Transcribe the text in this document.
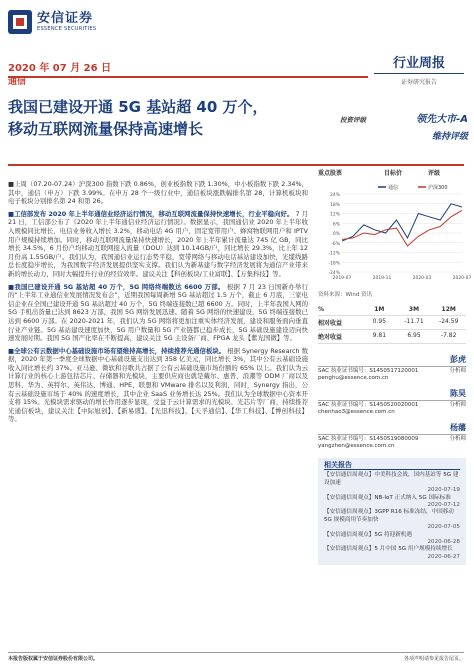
安信证券
ESSENCE SECURITIES
2020 年 07 月 26 日
通信
行业周报
证券研究报告
我国已建设开通 5G 基站超 40 万个，
移动互联网流量保持高速增长	投资评级	领先大市-A
维持评级
重点股票	目标价	评级
■上周（07.20-07.24）沪深300 指数下跌 0.86%，创业板指数下跌 1.30%，中小板指数下跌 2.34%，其中，通信（申万）下跌 3.99%。在申万 28 个一级行业中，通信板块涨跌幅排名第 28，计算机板块和电子板块分别排名第 24 和第 26。
■工信部发布 2020 年上半年通信业经济运行情况，移动互联网流量保持快速增长，行业平稳向好。 7 月 21 日，工信部公布了《2020 年上半年通信业经济运行情况》。数据显示，我国通信业 2020 年上半年收入规模同比增长，电信业务收入增长 3.2%，移动电话 4G 用户、固定宽带用户、蜂窝物联网用户和 IPTV 用户规模持续增加。同时，移动互联网流量保持快速增长，2020 年上半年累计流量达 745 亿 GB，同比增长 34.5%，6 月份户均移动互联网接入流量（DOU）达到 10.14GB/户，同比增长 29.3%，比上年 12 月份高 1.55GB/户。我们认为，我国通信业运行态势平稳，宽带网络与移动电话基站建设加快，光缆线路总长度稳步增长，为我国数字经济发展提供坚实支撑。我们认为新基建与数字经济发展将为通信产业带来新的增长动力，同时大幅提升行业的经营效率。建议关注【科创板块/工业富联】、【万集科技】等。
■我国已建设开通 5G 基站超 40 万个，5G 网络终端数达 6600 万部。 根据 7 月 23 日国新办举行的“上半年工业通信业发展情况发布会”，近期我国每周新增 5G 基站超过 1.5 万个，截止 6 月底，三家电信企业在全国已建设开通 5G 基站超过 40 万个，5G 终端连接数已超 6600 万。同时，上半年我国入网的 5G 手机出货量已达到 8623 万部，我国 5G 网络发展迅速。随着 5G 网络的快速建设，5G 终端连接数已达到 6600 万部。在 2020-2021 年，我们认为 5G 网络将更加注重实体经济发展，建设和服务面向垂直行业产业链。5G 基站建设速度加快，5G 用户数量和 5G 产业链都已稳步成长，5G 基础设施建设迈向快速发展时期。我国 5G 国产化率在不断提高，建议关注 5G 主设备厂商、FPGA 龙头【紫光国微】等。
■全球公有云数据中心基础设施市场有望维持高增长，持续推荐光通信板块。 根据 Synergy Research 数据，2020 年第一季度全球数据中心基础设施支出达到 358 亿美元，同比增长 3%，其中公有云基础设施收入同比增长约 37%。亚马逊、微软和谷歌共占据了公有云基础设施市场份额的 65% 以上。我们认为云计算行业的核心上游包括芯片、存储器和光模块，主要供应商也就是戴尔、惠普、浪潮等 ODM 厂商以及思科、华为、英特尔、英伟达、博通、HPE、联想和 VMware 排名以及利润，同时，Synergy 指出，公有云基础设施市场于 40% 的速度增长，其中企业 SaaS 业务增长达 25%。我们认为全球数据中心资本开支将 15%。光模块需求驱动的增长作用逐步显现，受益于云计算需求的光模块、光芯片等厂商，持续推荐光通信板块，建议关注【中际旭创】、【新易盛】、【光迅科技】、【天孚通信】、【华工科技】、【博创科技】等。
24%
18%
12%
6%
0%
-6%
-12%
-18%
-24%
2019-07	2019-11	2020-03	2020-07
通信	沪深300
资料来源：Wind 资讯
%	1M	3M	12M
相对收益	0.95	-11.71	-24.59
绝对收益	9.81	6.95	-7.82
彭虎
SAC 执业证书编号：S1450517120001	分析师
penghu@essence.com.cn
陈昊
SAC 执业证书编号：S1450520020001	分析师
chenhao3@essence.com.cn
杨藩
SAC 执业证书编号：S1450519080009	分析师
yangzhen@essence.com.cn
相关报告
【安信通信周观点】中美科技会战，国内基站等 5G 建设加速
2020-07-19
【安信通信周观点】NB-IoT 正式纳入 5G 国际标准
2020-07-12
【安信通信周观点】3GPP R16 标准冻结，中国移动 5G 规模商用节奏加快
2020-07-05
【安信通信周观点】5G 将迎新机遇
2020-06-28
【安信通信周观点】5 月中国 5G 用户规模持续增长
2020-06-27
本报告版权属于安信证券股份有限公司。	各项声明请参见报告尾页。
